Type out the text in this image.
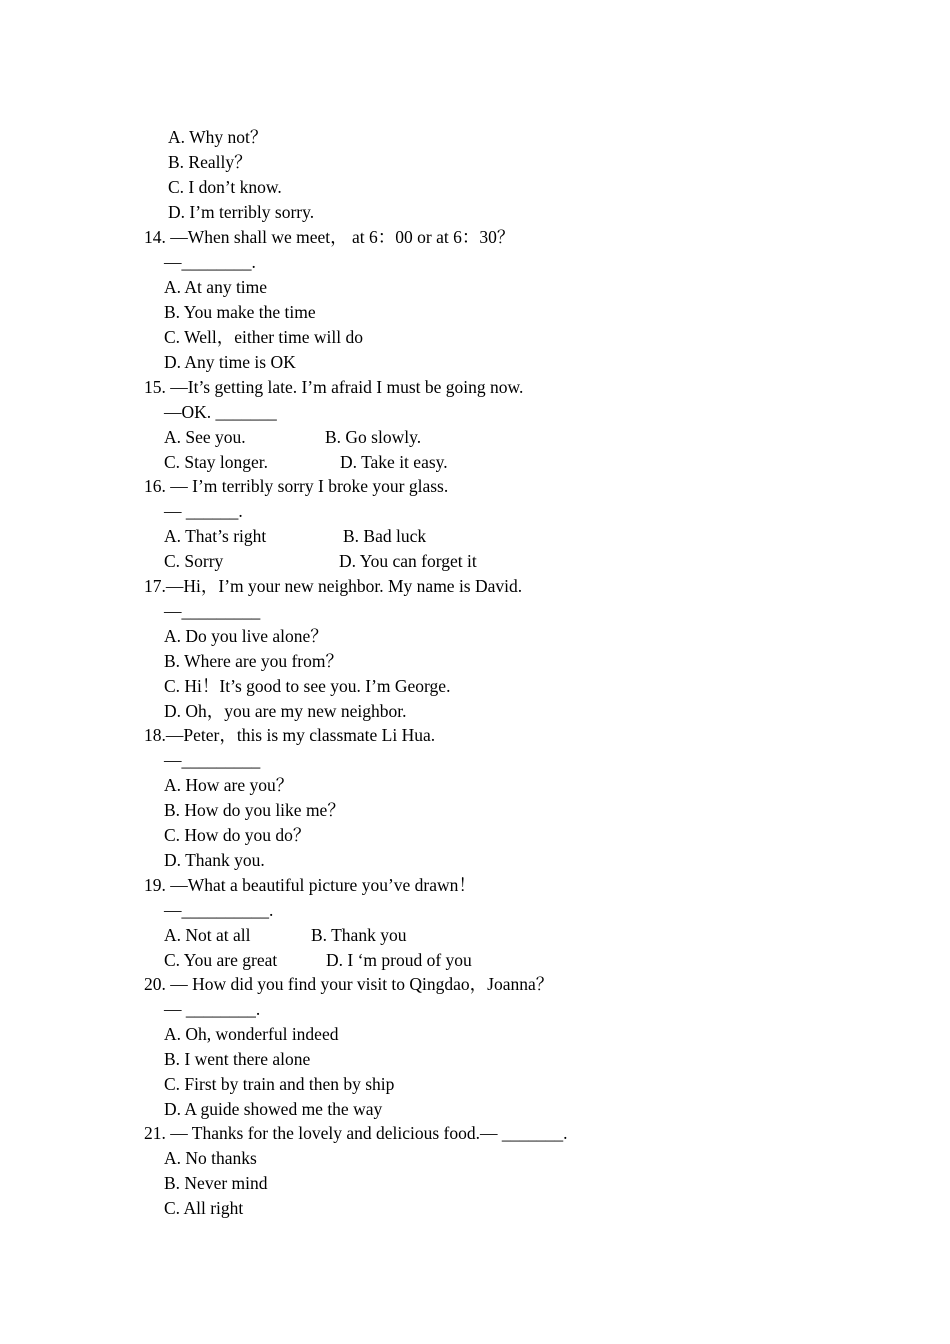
A. Why not？
B. Really？
C. I don’t know.
D. I’m terribly sorry.
14. —When shall we meet， at 6：00 or at 6：30？
—________.
A. At any time
B. You make the time
C. Well，either time will do
D. Any time is OK
15. —It’s getting late. I’m afraid I must be going now.
—OK. _______
A. See you.	B. Go slowly.
C. Stay longer.	D. Take it easy.
16. — I’m terribly sorry I broke your glass.
— ______.
A. That’s right	B. Bad luck
C. Sorry	D. You can forget it
17.—Hi，I’m your new neighbor. My name is David.
—_________
A. Do you live alone？
B. Where are you from？
C. Hi！It’s good to see you. I’m George.
D. Oh，you are my new neighbor.
18.—Peter，this is my classmate Li Hua.
—_________
A. How are you？
B. How do you like me？
C. How do you do？
D. Thank you.
19. —What a beautiful picture you’ve drawn！
—__________.
A. Not at all	B. Thank you
C. You are great	D. I ‘m proud of you
20. — How did you find your visit to Qingdao，Joanna？
— ________.
A. Oh, wonderful indeed
B. I went there alone
C. First by train and then by ship
D. A guide showed me the way
21. — Thanks for the lovely and delicious food.— _______.
A. No thanks
B. Never mind
C. All right
